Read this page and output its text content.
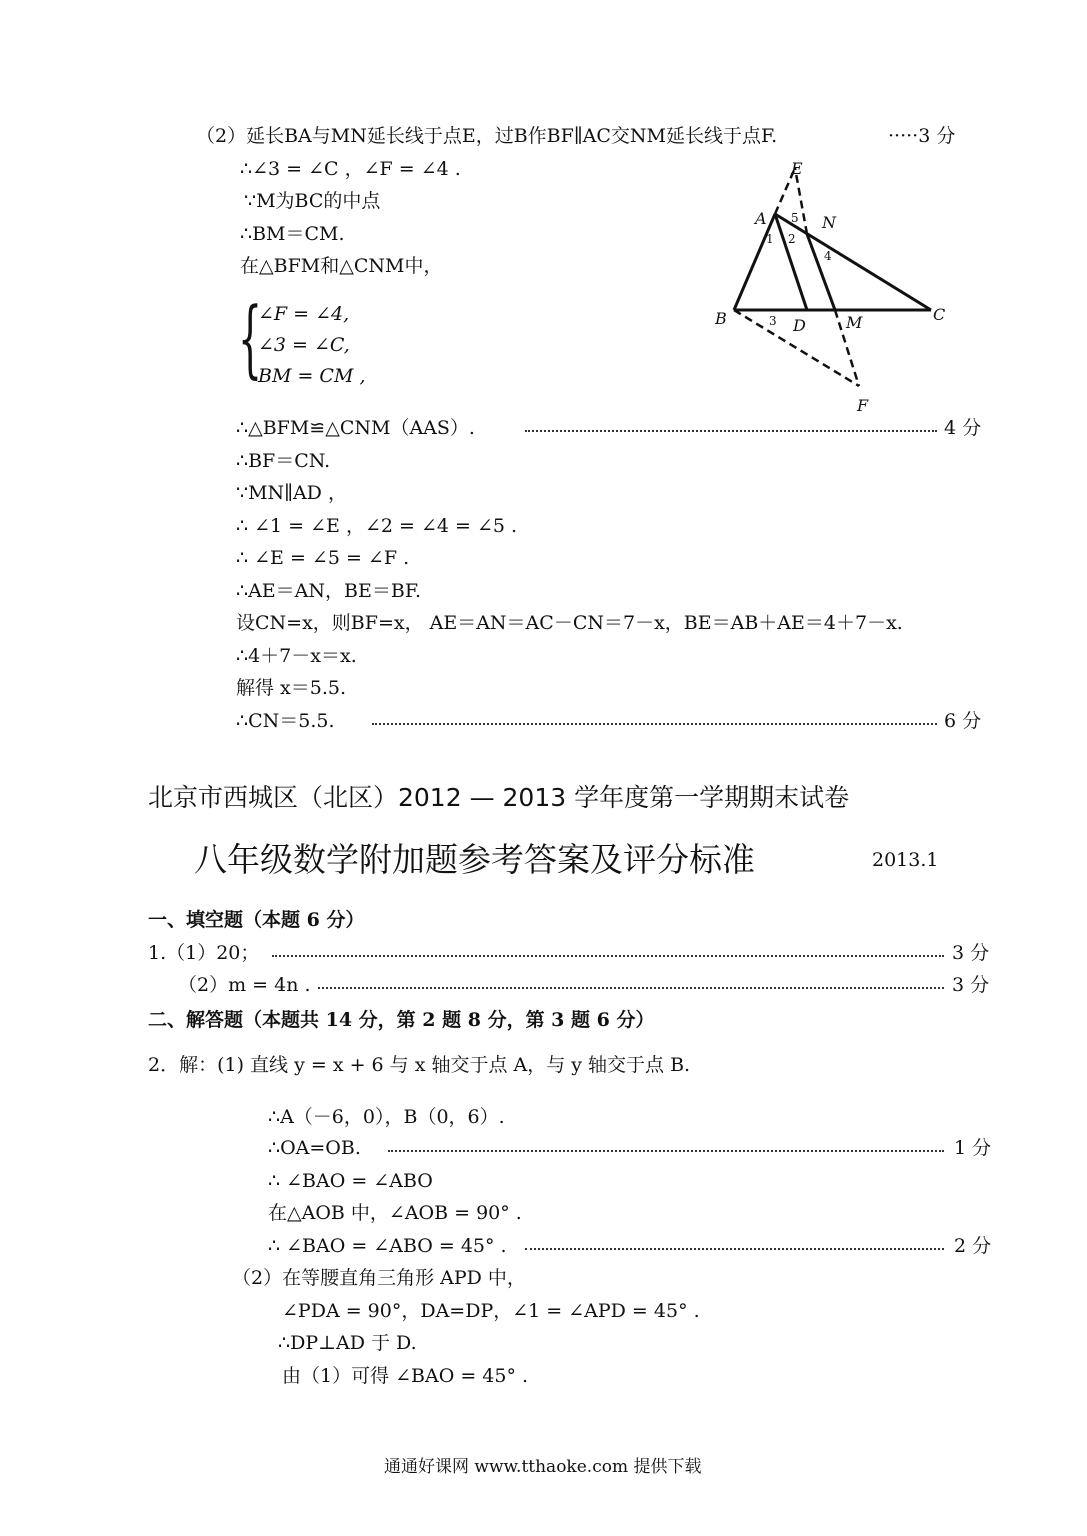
（2）延长BA与MN延长线于点E，过B作BF∥AC交NM延长线于点F.	·····3 分
∴∠3 = ∠C ，∠F = ∠4 .
∵M为BC的中点
∴BM＝CM.
在△BFM和△CNM中，
{
∠F = ∠4,
∠3 = ∠C,
BM = CM ,
∴△BFM≌△CNM（AAS）.	4 分
∴BF＝CN.
∵MN∥AD ，
∴ ∠1 = ∠E ，∠2 = ∠4 = ∠5 .
∴ ∠E = ∠5 = ∠F .
∴AE＝AN，BE＝BF.
设CN=x，则BF=x， AE＝AN＝AC－CN＝7－x，BE＝AB＋AE＝4＋7－x.
∴4＋7－x＝x.
解得 x＝5.5.
∴CN＝5.5.	6 分
E
A	N
B	D	M	C
F
1 2
3
4
5
北京市西城区（北区）2012 — 2013 学年度第一学期期末试卷
八年级数学附加题参考答案及评分标准	2013.1
一、填空题（本题 6 分）
1.（1）20；	3 分
（2）m = 4n .	3 分
二、解答题（本题共 14 分，第 2 题 8 分，第 3 题 6 分）
2．解：(1) 直线 y = x + 6 与 x 轴交于点 A，与 y 轴交于点 B.
∴A（－6，0），B（0，6）.
∴OA=OB.	1 分
∴ ∠BAO = ∠ABO
在△AOB 中，∠AOB = 90° .
∴ ∠BAO = ∠ABO = 45° .	2 分
（2）在等腰直角三角形 APD 中，
∠PDA = 90°，DA=DP，∠1 = ∠APD = 45° .
∴DP⊥AD 于 D.
由（1）可得 ∠BAO = 45° .
通通好课网 www.tthaoke.com 提供下载
